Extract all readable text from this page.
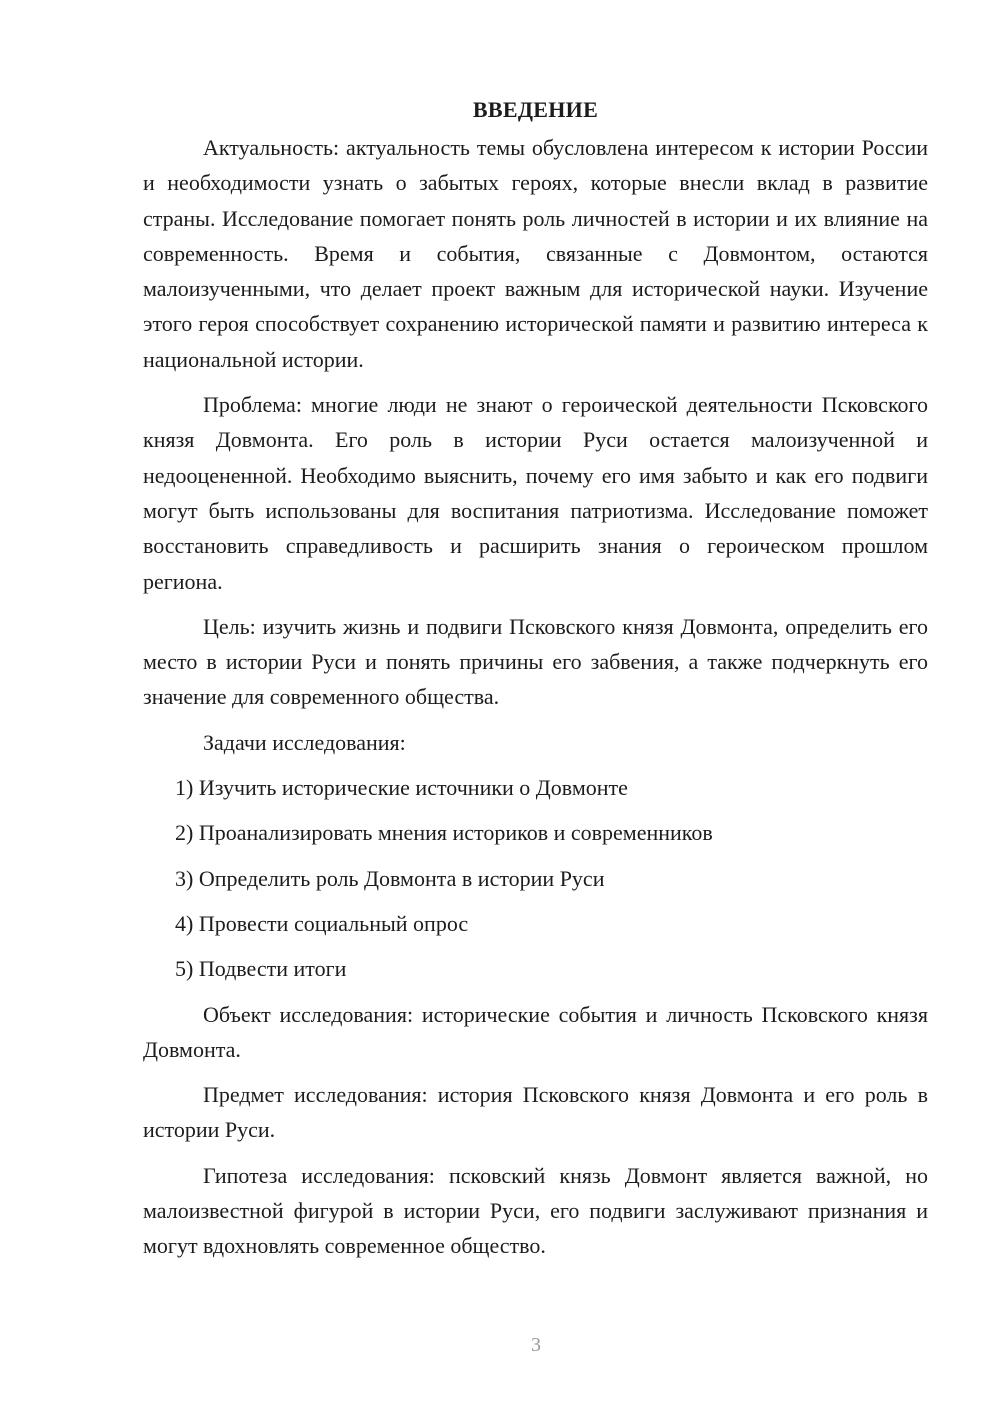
ВВЕДЕНИЕ

Актуальность: актуальность темы обусловлена интересом к истории России и необходимости узнать о забытых героях, которые внесли вклад в развитие страны. Исследование помогает понять роль личностей в истории и их влияние на современность. Время и события, связанные с Довмонтом, остаются малоизученными, что делает проект важным для исторической науки. Изучение этого героя способствует сохранению исторической памяти и развитию интереса к национальной истории.

Проблема: многие люди не знают о героической деятельности Псковского князя Довмонта. Его роль в истории Руси остается малоизученной и недооцененной. Необходимо выяснить, почему его имя забыто и как его подвиги могут быть использованы для воспитания патриотизма. Исследование поможет восстановить справедливость и расширить знания о героическом прошлом региона.

Цель: изучить жизнь и подвиги Псковского князя Довмонта, определить его место в истории Руси и понять причины его забвения, а также подчеркнуть его значение для современного общества.

Задачи исследования:

1) Изучить исторические источники о Довмонте
2) Проанализировать мнения историков и современников
3) Определить роль Довмонта в истории Руси
4) Провести социальный опрос
5) Подвести итоги

Объект исследования: исторические события и личность Псковского князя Довмонта.

Предмет исследования: история Псковского князя Довмонта и его роль в истории Руси.

Гипотеза исследования: псковский князь Довмонт является важной, но малоизвестной фигурой в истории Руси, его подвиги заслуживают признания и могут вдохновлять современное общество.

3
